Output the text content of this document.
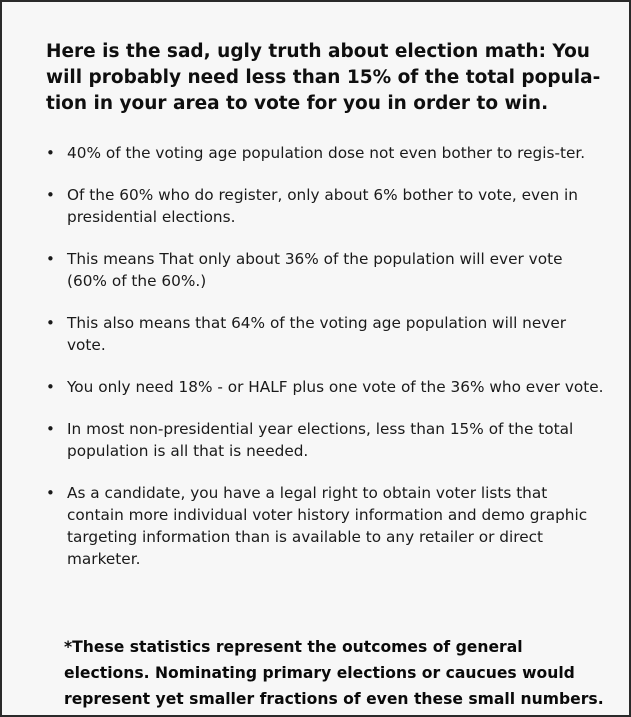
Here is the sad, ugly truth about election math: You will probably need less than 15% of the total popula-tion in your area to vote for you in order to win.

• 40% of the voting age population dose not even bother to regis-ter.
• Of the 60% who do register, only about 6% bother to vote, even in presidential elections.
• This means That only about 36% of the population will ever vote (60% of the 60%.)
• This also means that 64% of the voting age population will never vote.
• You only need 18% - or HALF plus one vote of the 36% who ever vote.
• In most non-presidential year elections, less than 15% of the total population is all that is needed.
• As a candidate, you have a legal right to obtain voter lists that contain more individual voter history information and demo graphic targeting information than is available to any retailer or direct marketer.

*These statistics represent the outcomes of general elections. Nominating primary elections or caucues would represent yet smaller fractions of even these small numbers.
